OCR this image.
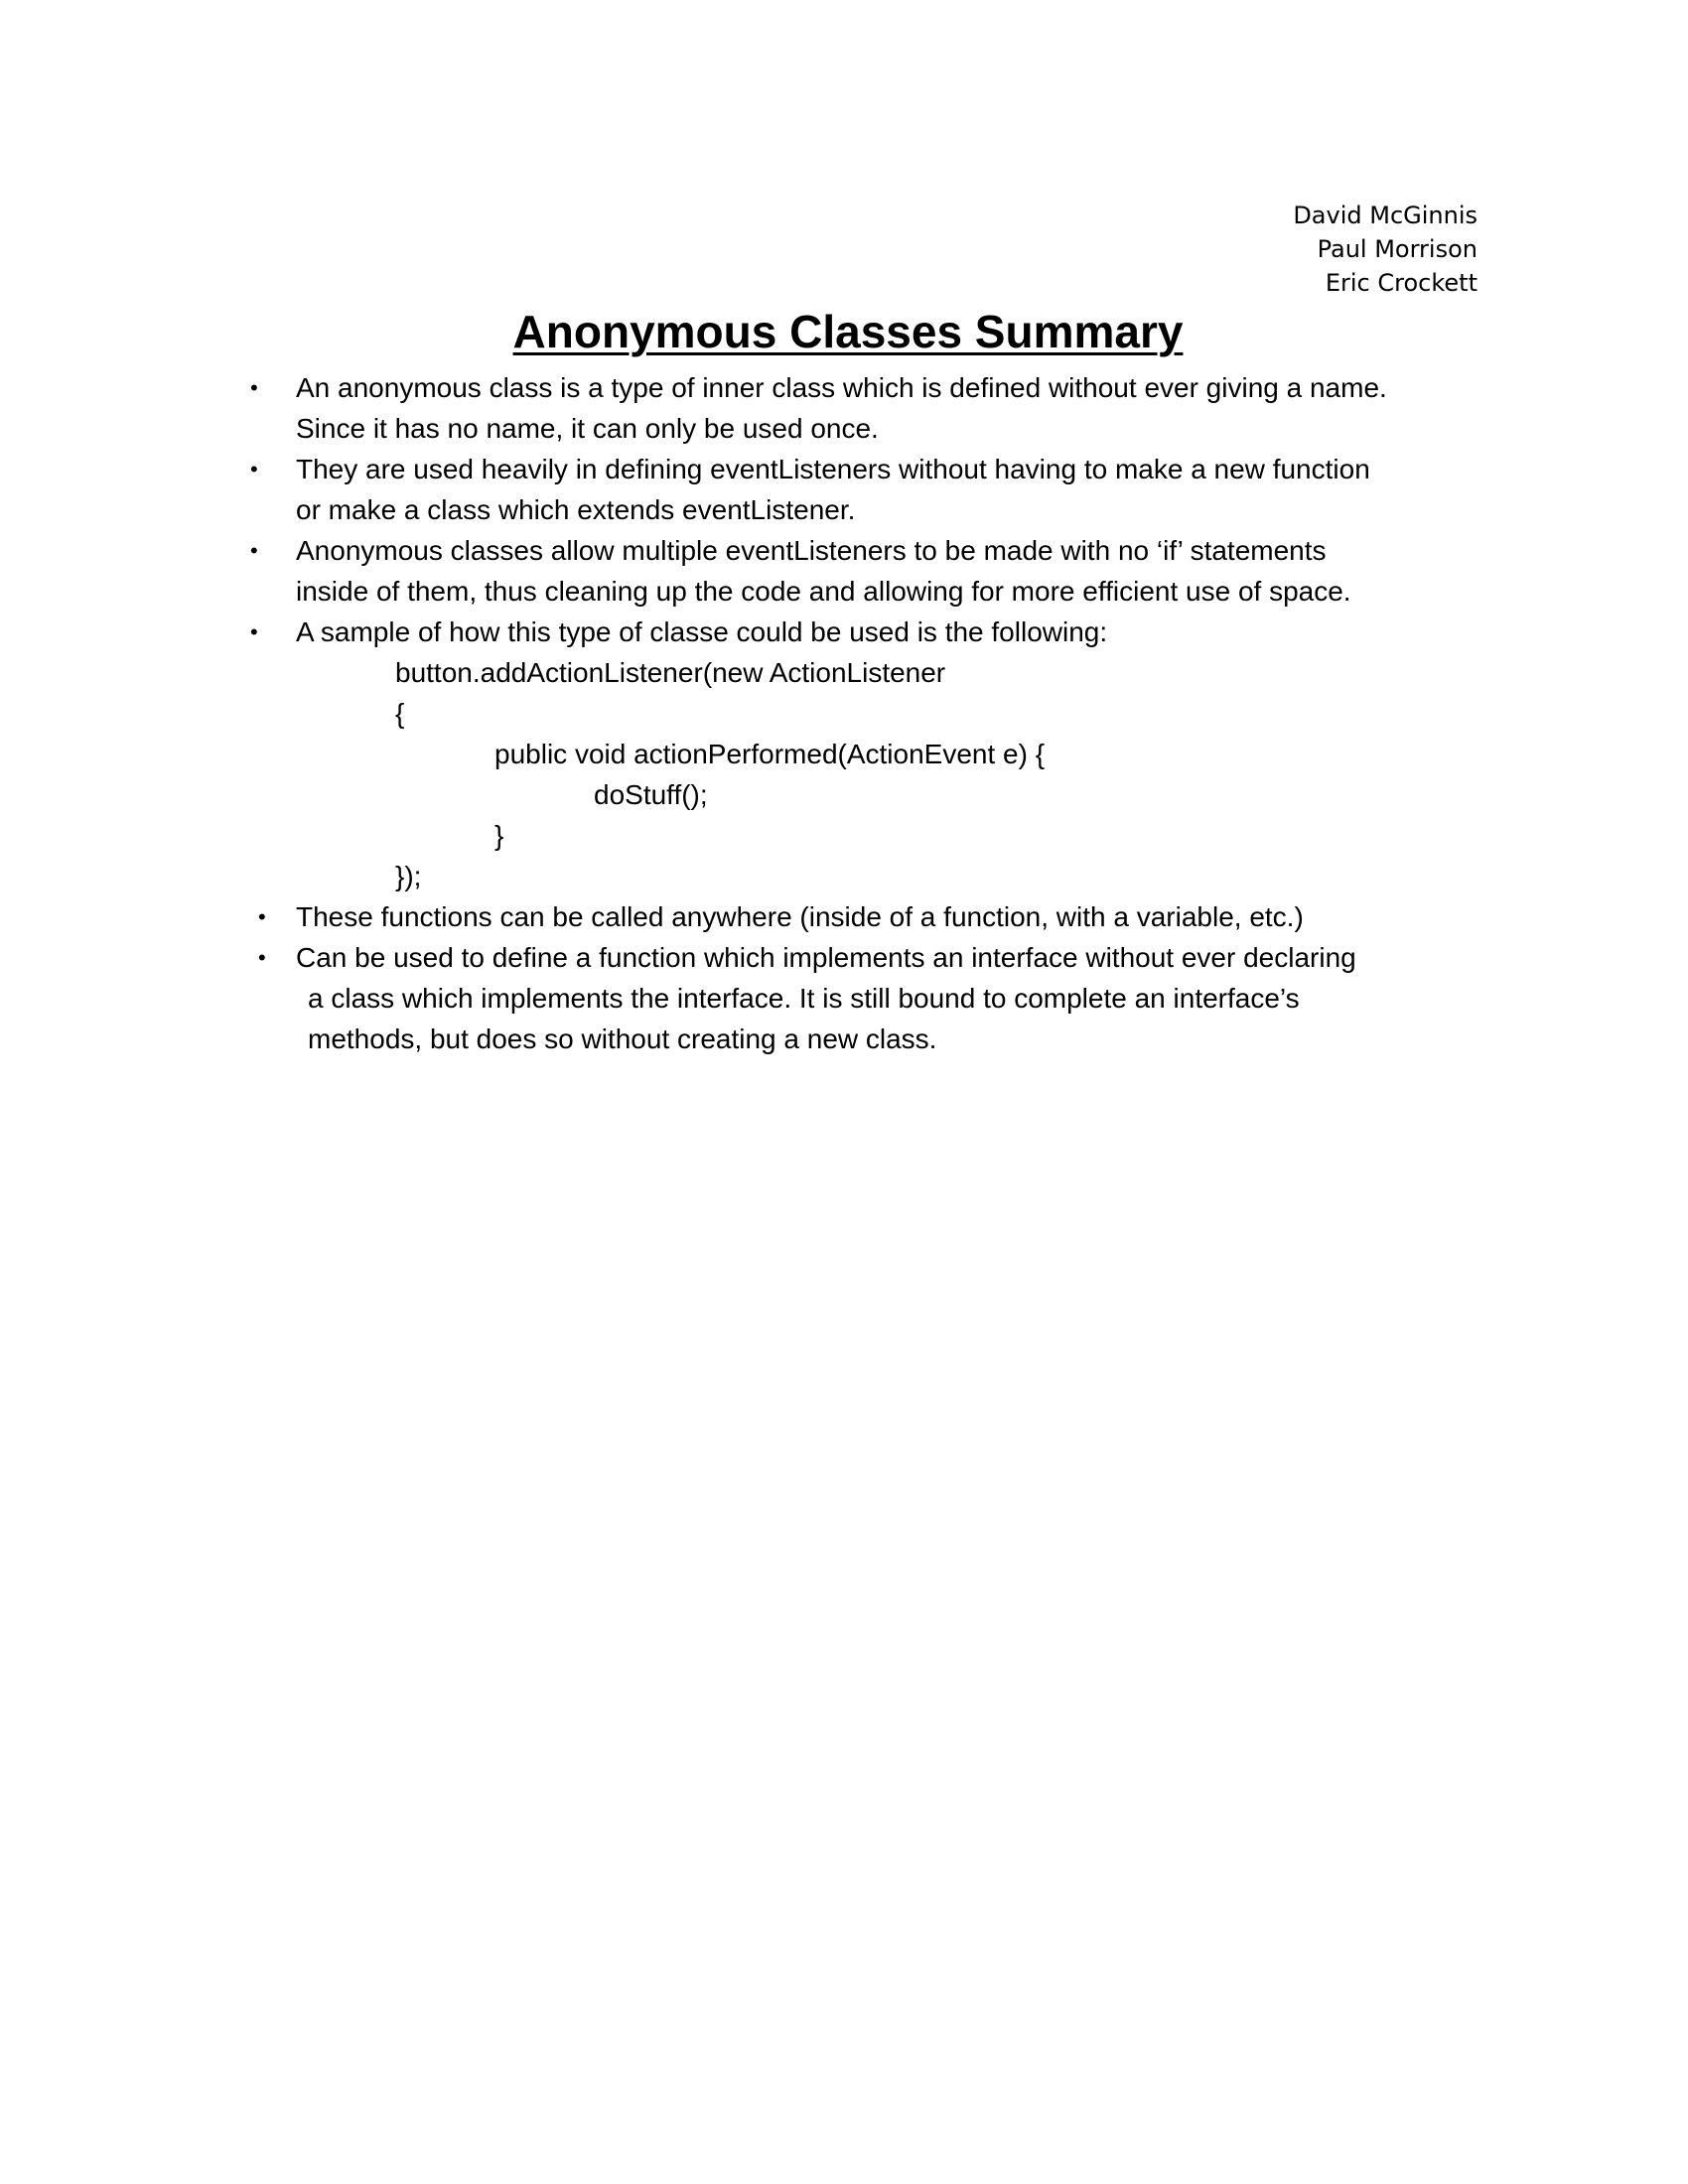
David McGinnis
Paul Morrison
Eric Crockett
Anonymous Classes Summary
• An anonymous class is a type of inner class which is defined without ever giving a name.
Since it has no name, it can only be used once.
• They are used heavily in defining eventListeners without having to make a new function
or make a class which extends eventListener.
• Anonymous classes allow multiple eventListeners to be made with no ‘if’ statements
inside of them, thus cleaning up the code and allowing for more efficient use of space.
• A sample of how this type of classe could be used is the following:
button.addActionListener(new ActionListener
{
public void actionPerformed(ActionEvent e) {
doStuff();
}
});
• These functions can be called anywhere (inside of a function, with a variable, etc.)
• Can be used to define a function which implements an interface without ever declaring
a class which implements the interface. It is still bound to complete an interface’s
methods, but does so without creating a new class.
